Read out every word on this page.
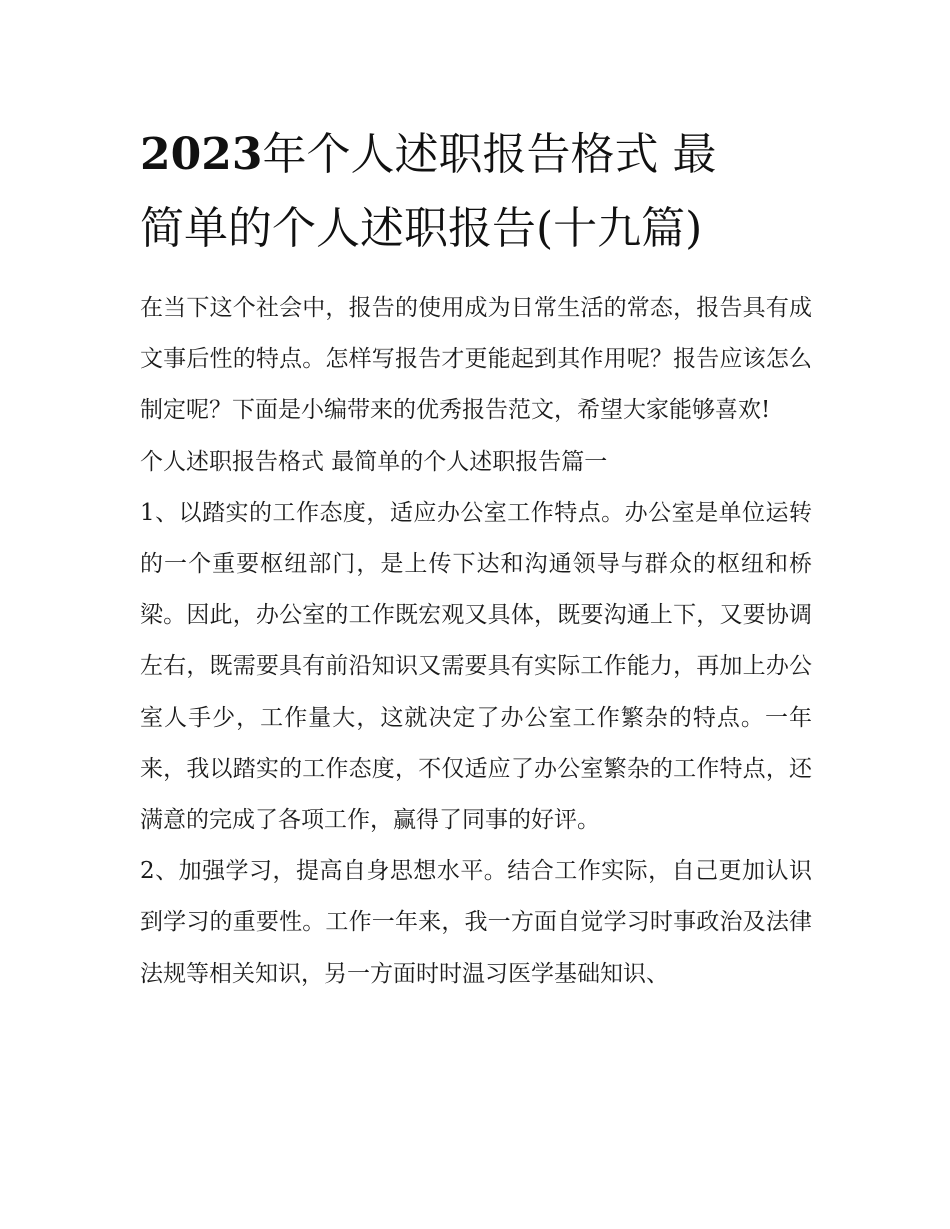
2023年个人述职报告格式 最
简单的个人述职报告(十九篇)

在当下这个社会中，报告的使用成为日常生活的常态，报告具有成文事后性的特点。怎样写报告才更能起到其作用呢？报告应该怎么制定呢？下面是小编带来的优秀报告范文，希望大家能够喜欢!

个人述职报告格式 最简单的个人述职报告篇一

1、以踏实的工作态度，适应办公室工作特点。办公室是单位运转的一个重要枢纽部门，是上传下达和沟通领导与群众的枢纽和桥梁。因此，办公室的工作既宏观又具体，既要沟通上下，又要协调左右，既需要具有前沿知识又需要具有实际工作能力，再加上办公室人手少，工作量大，这就决定了办公室工作繁杂的特点。一年来，我以踏实的工作态度，不仅适应了办公室繁杂的工作特点，还满意的完成了各项工作，赢得了同事的好评。

2、加强学习，提高自身思想水平。结合工作实际，自己更加认识到学习的重要性。工作一年来，我一方面自觉学习时事政治及法律法规等相关知识，另一方面时时温习医学基础知识、
